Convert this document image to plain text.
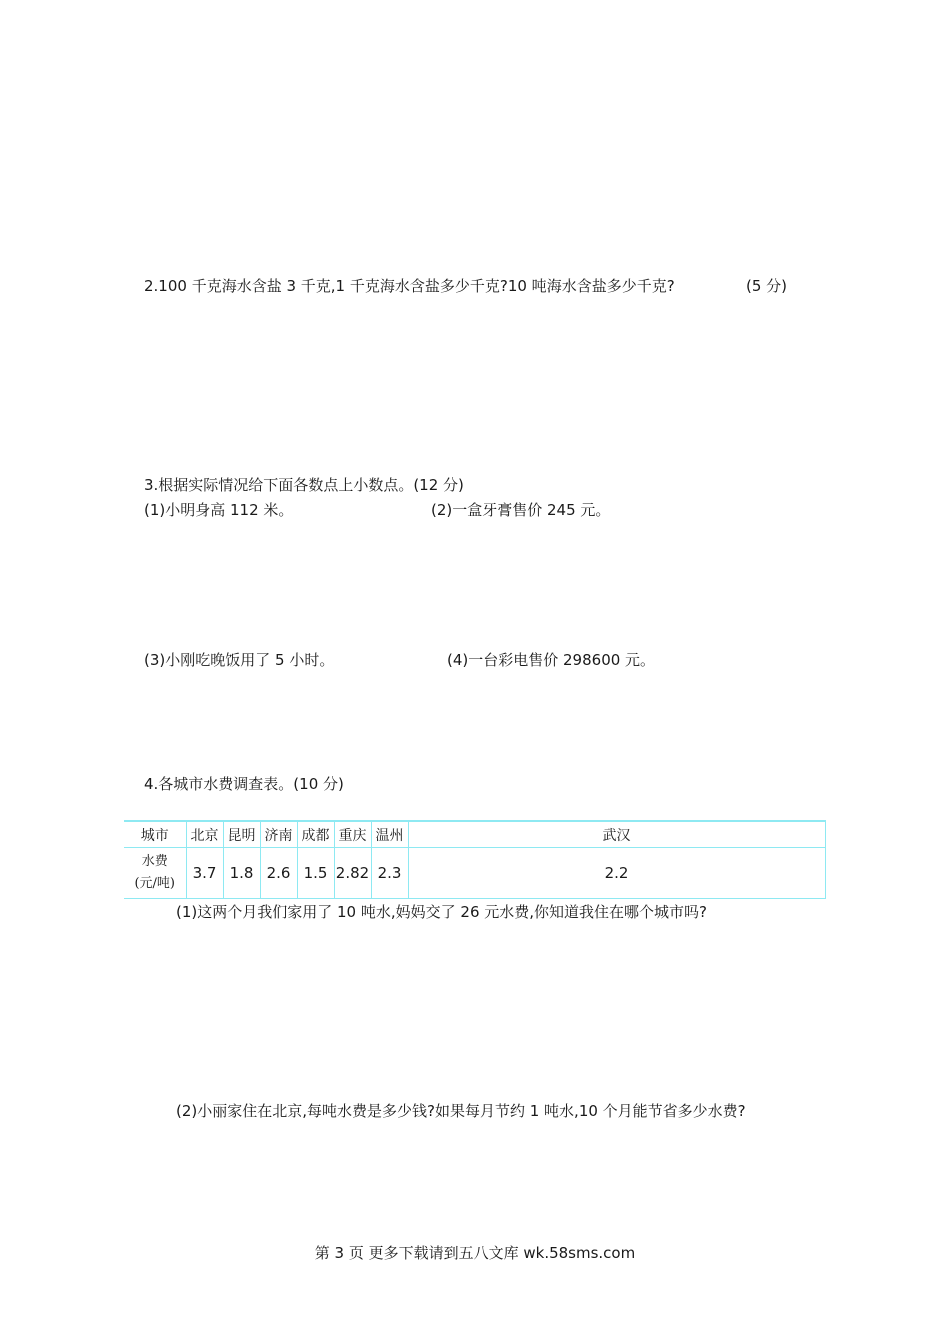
2.100 千克海水含盐 3 千克,1 千克海水含盐多少千克?10 吨海水含盐多少千克?	(5 分)
3.根据实际情况给下面各数点上小数点。(12 分)
(1)小明身高 112 米。	(2)一盒牙膏售价 245 元。
(3)小刚吃晚饭用了 5 小时。	(4)一台彩电售价 298600 元。
4.各城市水费调查表。(10 分)
城市	北京	昆明	济南	成都	重庆	温州	武汉

水费
(元/吨)	3.7	1.8	2.6	1.5	2.82	2.3	2.2
(1)这两个月我们家用了 10 吨水,妈妈交了 26 元水费,你知道我住在哪个城市吗?
(2)小丽家住在北京,每吨水费是多少钱?如果每月节约 1 吨水,10 个月能节省多少水费?
第 3 页 更多下载请到五八文库 wk.58sms.com
